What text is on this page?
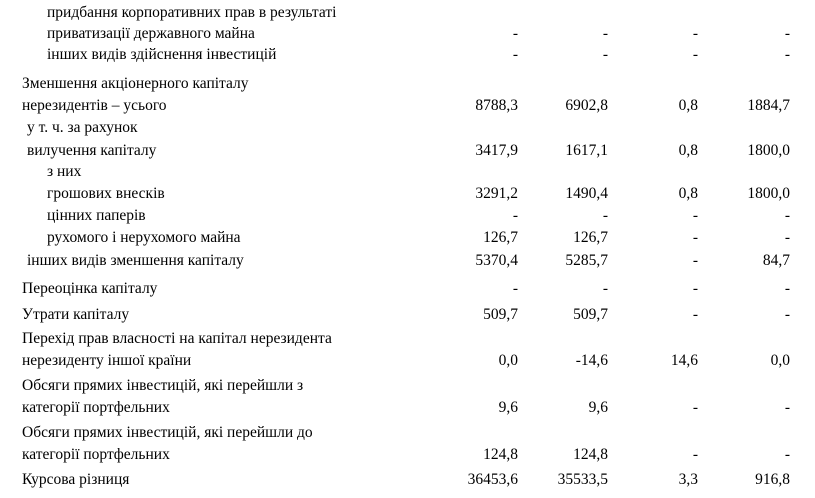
придбання корпоративних прав в результаті
приватизації державного майна	-	-	-	-
інших видів здійснення інвестицій	-	-	-	-
Зменшення акціонерного капіталу
нерезидентів – усього	8788,3	6902,8	0,8	1884,7
у т. ч. за рахунок
вилучення капіталу	3417,9	1617,1	0,8	1800,0
з них
грошових внесків	3291,2	1490,4	0,8	1800,0
цінних паперів	-	-	-	-
рухомого і нерухомого майна	126,7	126,7	-	-
інших видів зменшення капіталу	5370,4	5285,7	-	84,7
Переоцінка капіталу	-	-	-	-
Утрати капіталу	509,7	509,7	-	-
Перехід прав власності на капітал нерезидента
нерезиденту іншої країни	0,0	-14,6	14,6	0,0
Обсяги прямих інвестицій, які перейшли з
категорії портфельних	9,6	9,6	-	-
Обсяги прямих інвестицій, які перейшли до
категорії портфельних	124,8	124,8	-	-
Курсова різниця	36453,6	35533,5	3,3	916,8
